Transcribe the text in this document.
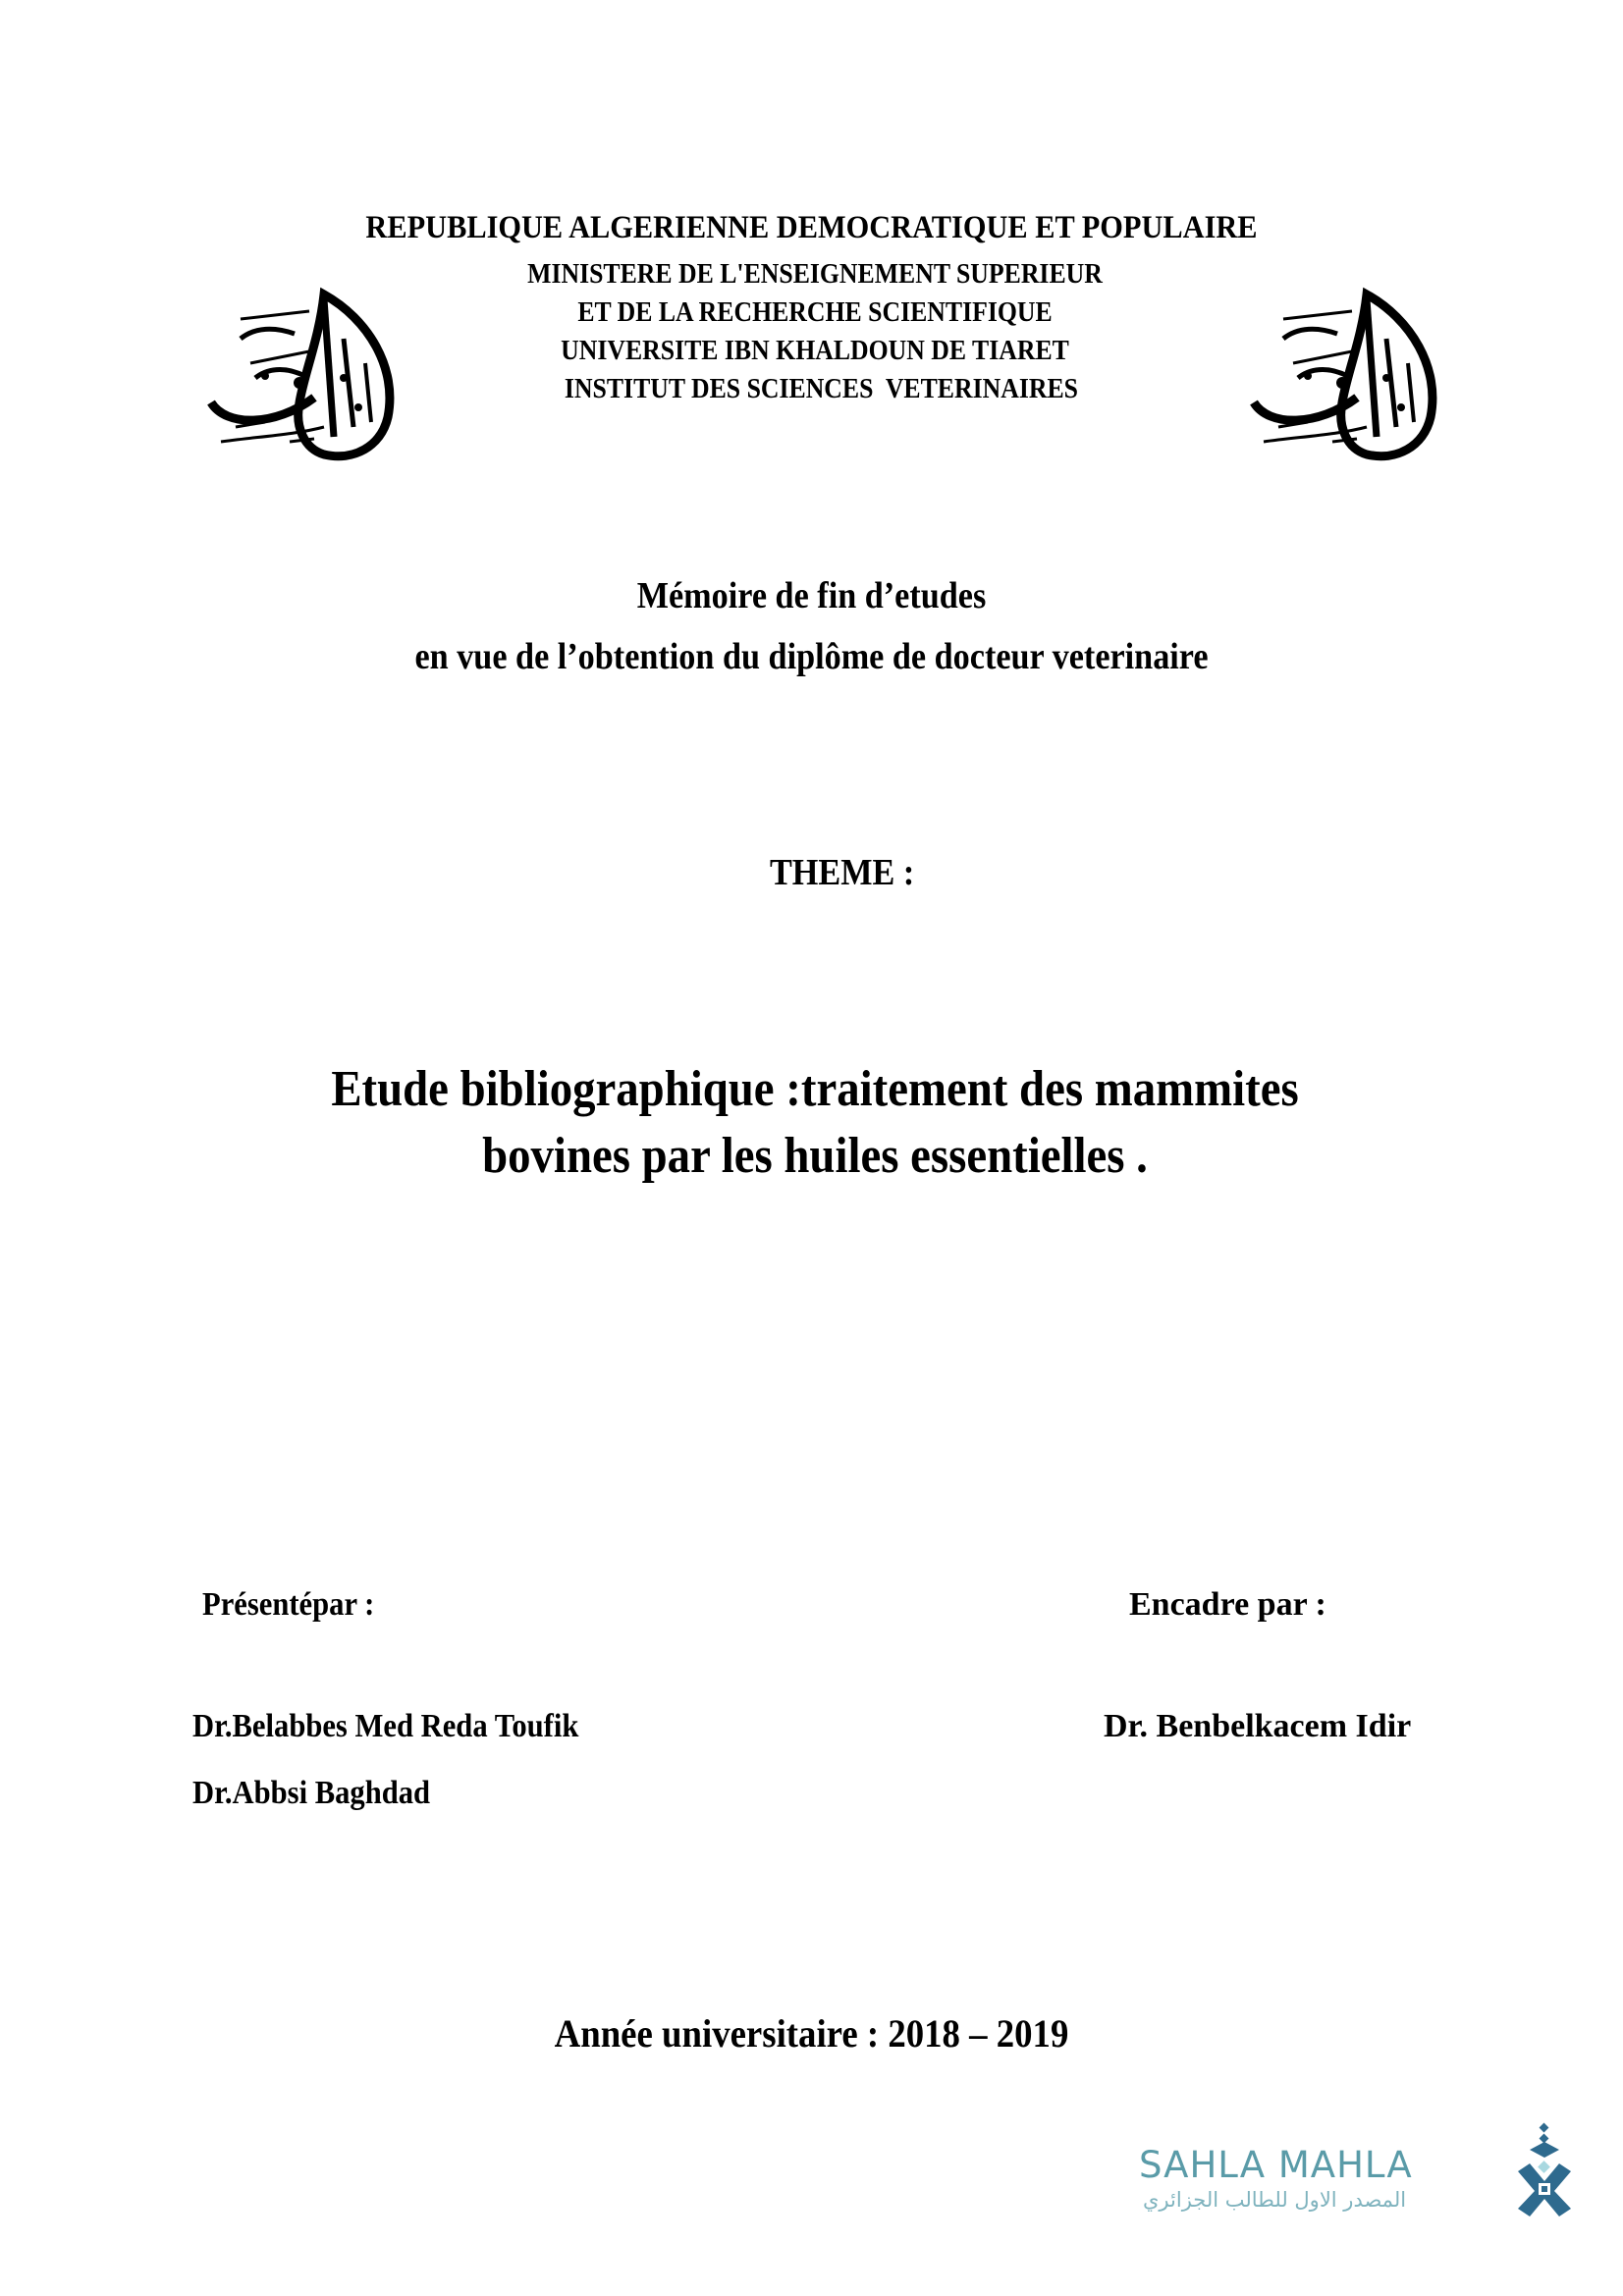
REPUBLIQUE ALGERIENNE DEMOCRATIQUE ET POPULAIRE
MINISTERE DE L'ENSEIGNEMENT SUPERIEUR
ET DE LA RECHERCHE SCIENTIFIQUE
UNIVERSITE IBN KHALDOUN DE TIARET
INSTITUT DES SCIENCES  VETERINAIRES
Mémoire de fin d’etudes
en vue de l’obtention du diplôme de docteur veterinaire
THEME :
Etude bibliographique :traitement des mammites
bovines par les huiles essentielles .
Présentépar :	Encadre par :
Dr.Belabbes Med Reda Toufik
Dr.Abbsi Baghdad
Dr. Benbelkacem Idir
Année universitaire : 2018 – 2019
SAHLA MAHLA
المصدر الاول للطالب الجزائري
